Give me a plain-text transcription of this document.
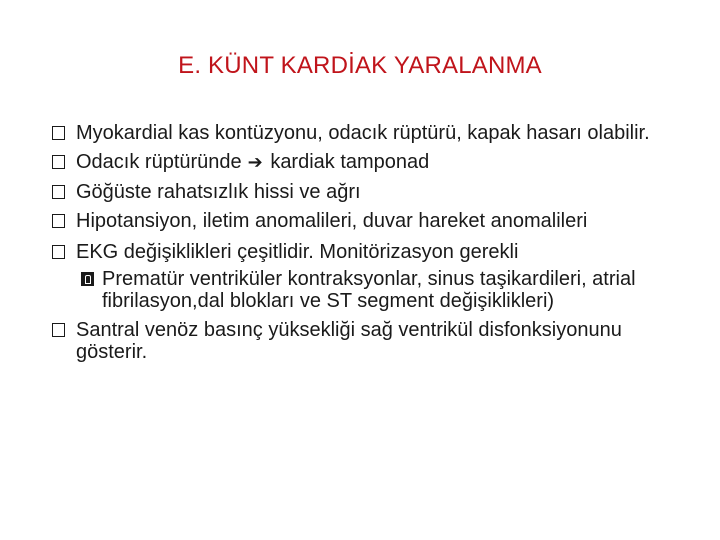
E. KÜNT KARDİAK YARALANMA
Myokardial kas kontüzyonu, odacık rüptürü, kapak hasarı olabilir.
Odacık rüptüründe ➔ kardiak tamponad
Göğüste rahatsızlık hissi ve ağrı
Hipotansiyon, iletim anomalileri, duvar hareket anomalileri
EKG değişiklikleri çeşitlidir. Monitörizasyon gerekli
Prematür ventriküler kontraksyonlar, sinus taşikardileri, atrial fibrilasyon,dal blokları ve ST segment değişiklikleri)
Santral venöz basınç yüksekliği sağ ventrikül disfonksiyonunu gösterir.
